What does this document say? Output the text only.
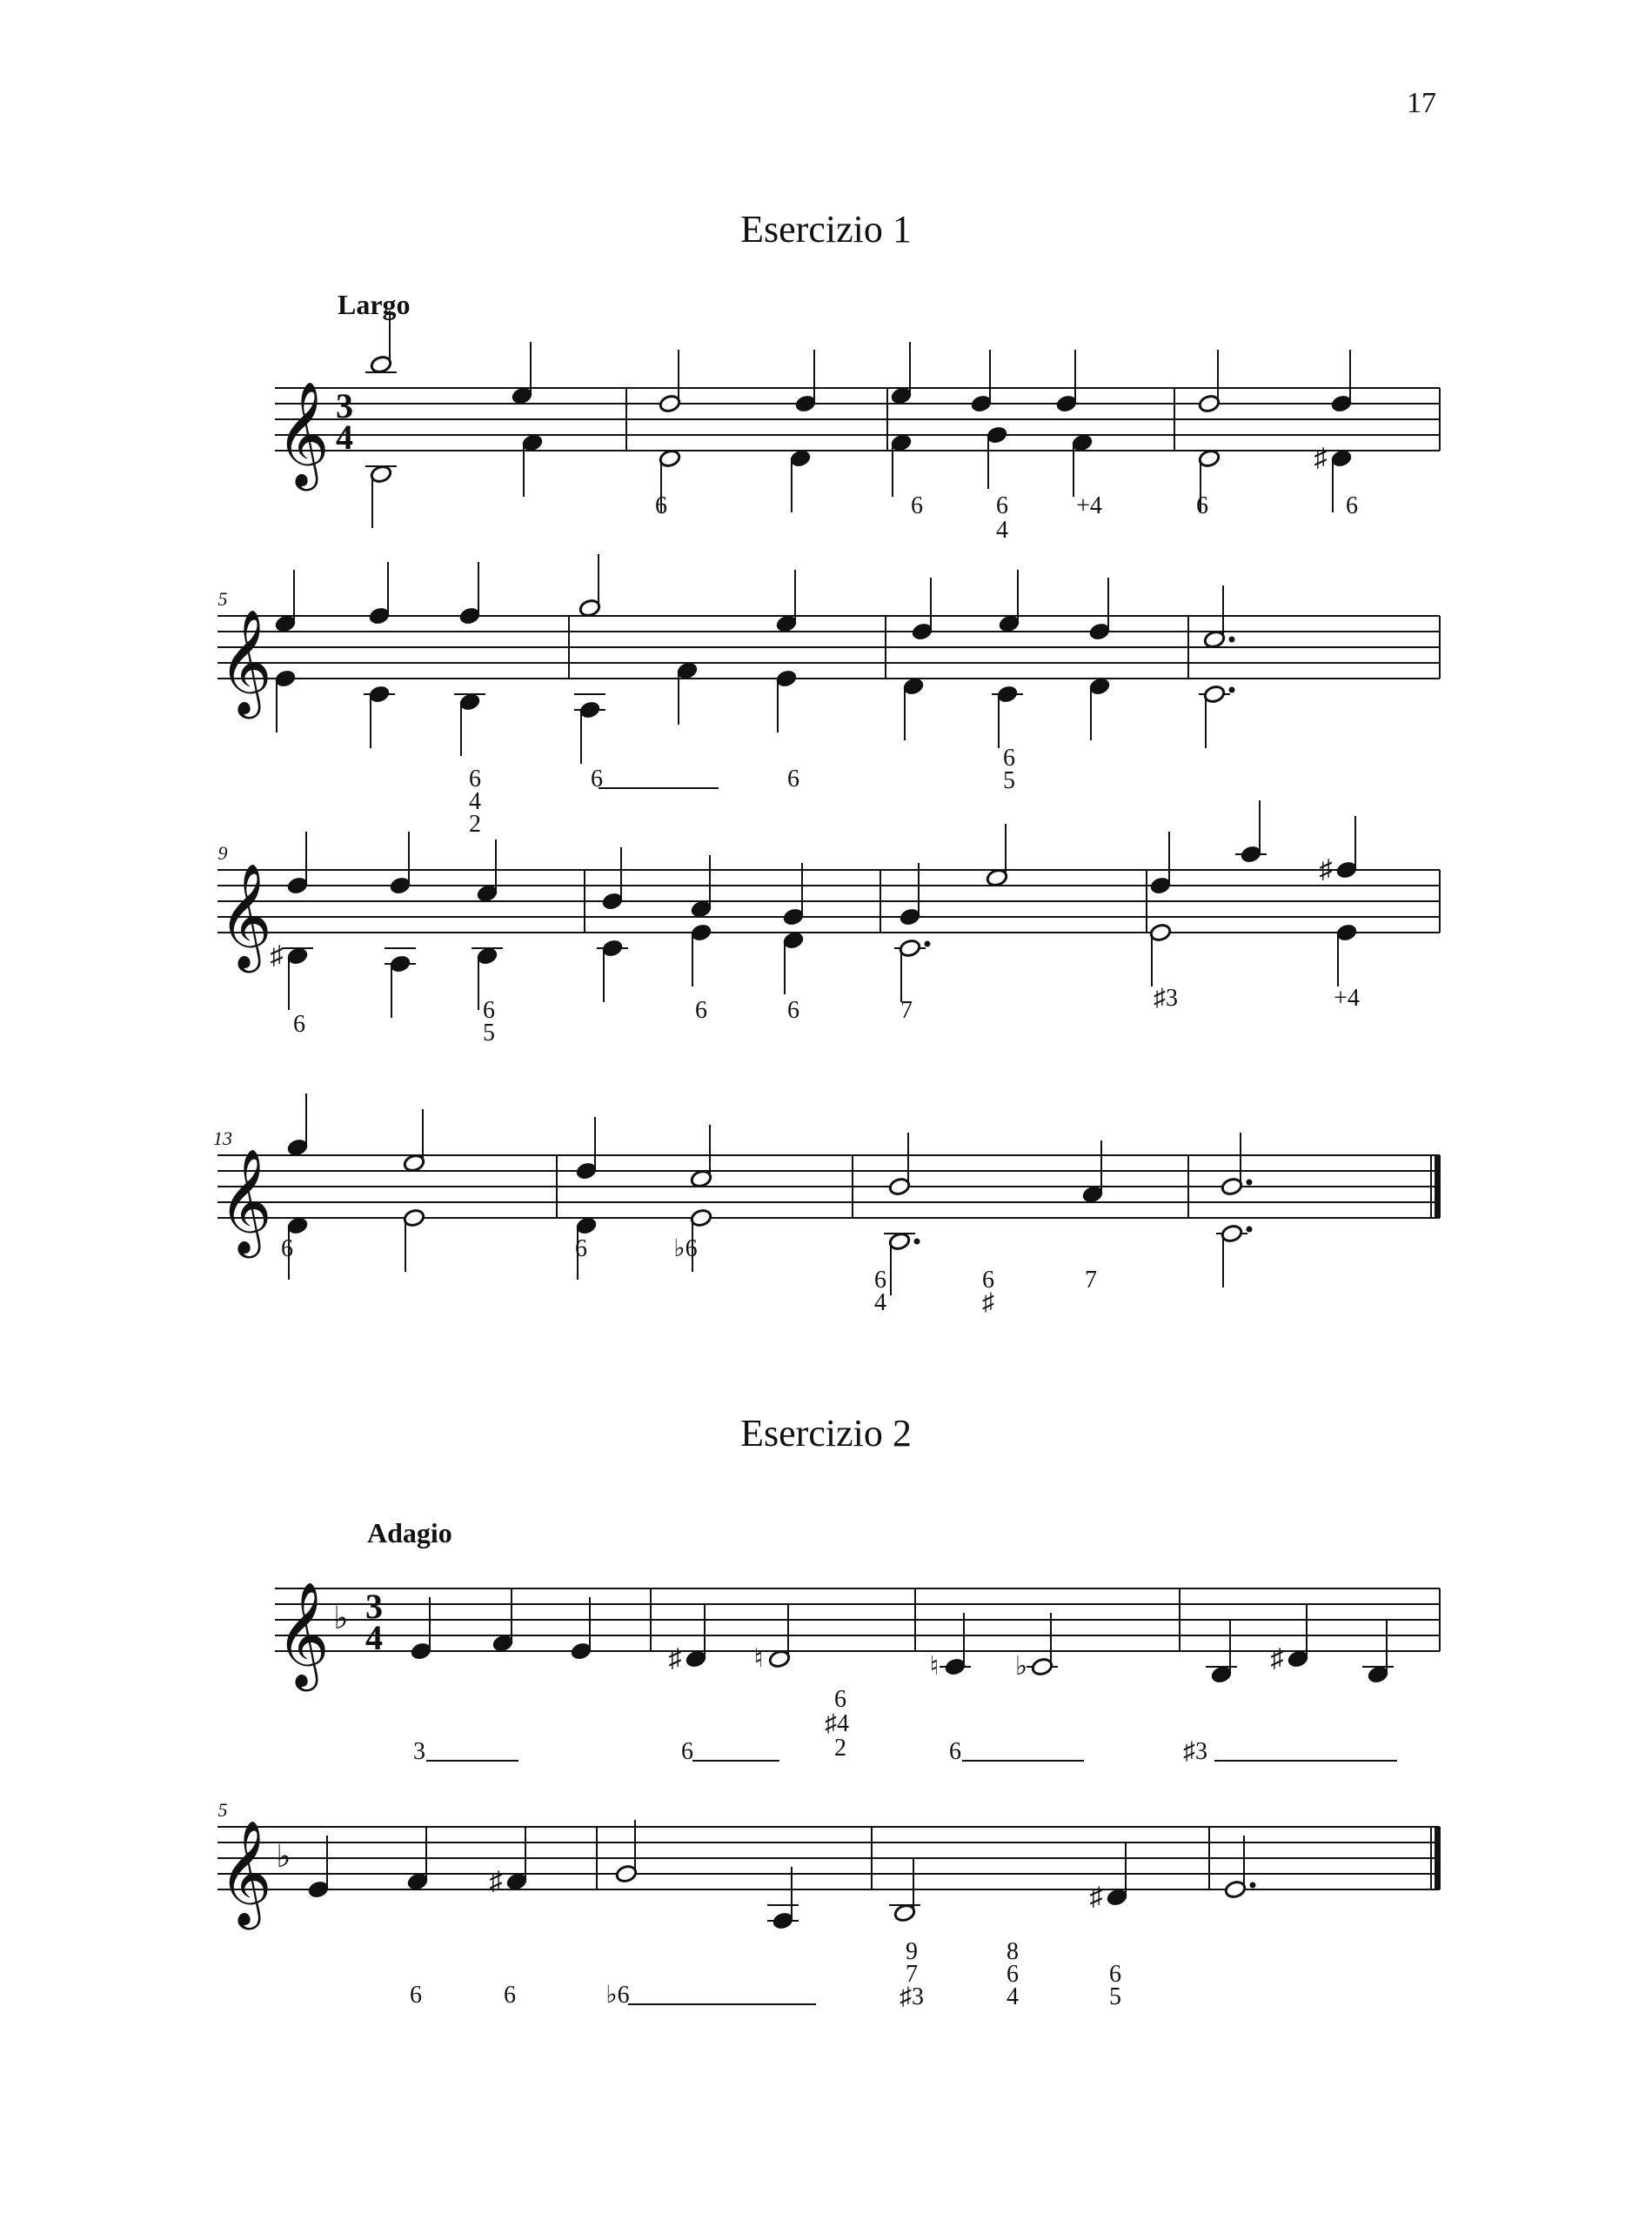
17
Esercizio 1
Largo
Esercizio 2
Adagio
𝄞
𝄞
𝄞
𝄞
𝄞
𝄞
3
4
3
4
♭
♭
5
9
13
5
♯
♯
♯
♯	♮	♮	♭	♯
♯
♯
6	6	6
4
+4	6	6
6
4
2
6	6
6
5
6
6
5
6	6	7	♯3	+4
6	6	♭6
6
4
6
♯
7
3	6
6
♯4
2	6	♯3
6	6	♭6
9
7
♯3
8
6
4
6
5
